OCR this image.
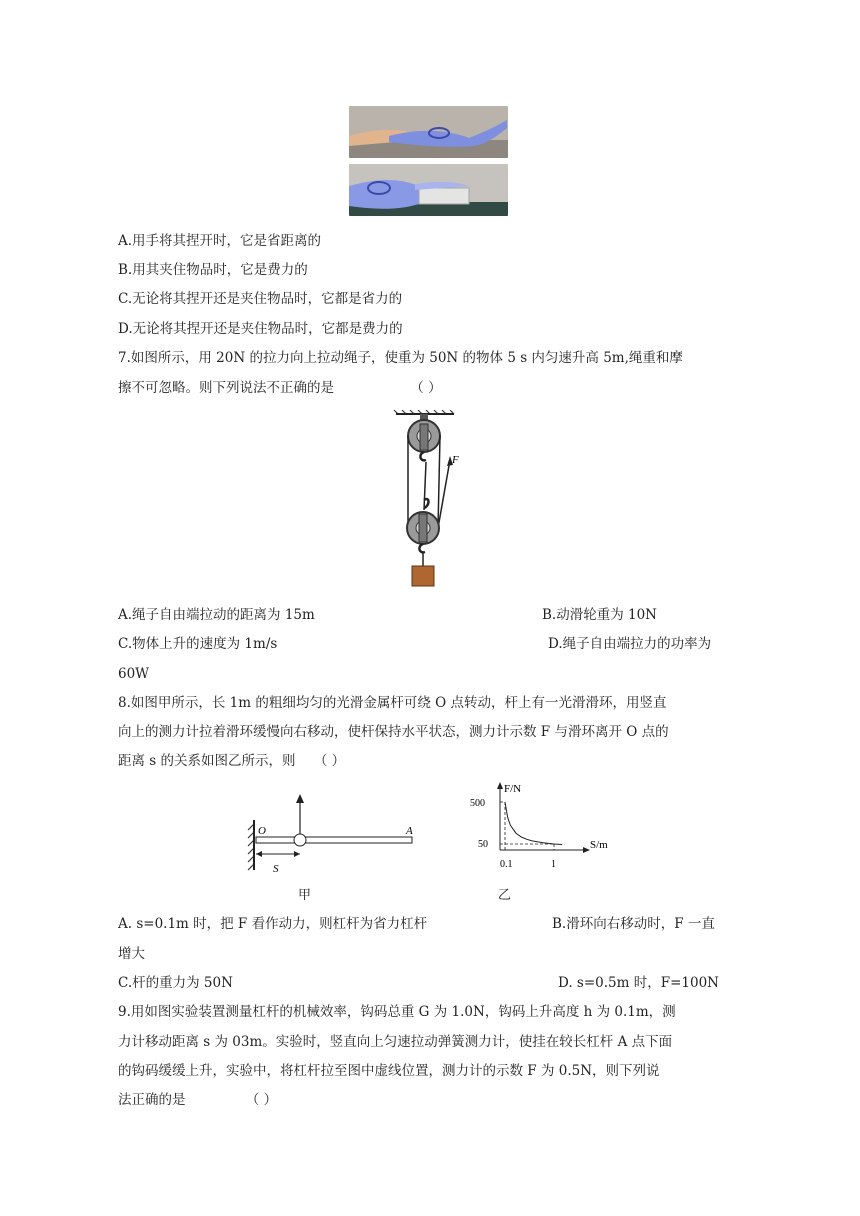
A.用手将其捏开时，它是省距离的
B.用其夹住物品时，它是费力的
C.无论将其捏开还是夹住物品时，它都是省力的
D.无论将其捏开还是夹住物品时，它都是费力的
7.如图所示，用 20N 的拉力向上拉动绳子，使重为 50N 的物体 5 s 内匀速升高 5m,绳重和摩
擦不可忽略。则下列说法不正确的是	（ ）
F
A.绳子自由端拉动的距离为 15m	B.动滑轮重为 10N
C.物体上升的速度为 1m/s	D.绳子自由端拉力的功率为
60W
8.如图甲所示，长 1m 的粗细均匀的光滑金属杆可绕 O 点转动，杆上有一光滑滑环，用竖直
向上的测力计拉着滑环缓慢向右移动，使杆保持水平状态，测力计示数 F 与滑环离开 O 点的
距离 s 的关系如图乙所示，则 （ ）
O	A
S
甲
F/N
S/m
500
50
0.1	1
乙
A. s=0.1m 时，把 F 看作动力，则杠杆为省力杠杆	B.滑环向右移动时，F 一直
增大
C.杆的重力为 50N	D. s=0.5m 时，F=100N
9.用如图实验装置测量杠杆的机械效率，钩码总重 G 为 1.0N，钩码上升高度 h 为 0.1m，测
力计移动距离 s 为 03m。实验时，竖直向上匀速拉动弹簧测力计，使挂在较长杠杆 A 点下面
的钩码缓缓上升，实验中，将杠杆拉至图中虚线位置，测力计的示数 F 为 0.5N，则下列说
法正确的是	（ ）
